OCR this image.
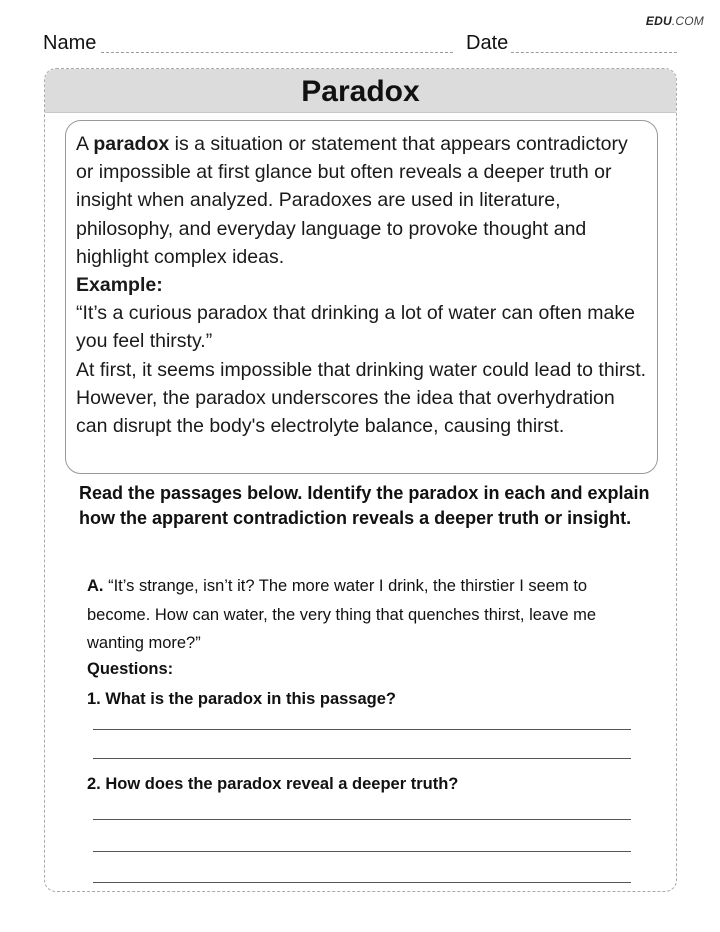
EDU.COM
Name	Date
Paradox

A paradox is a situation or statement that appears contradictory or impossible at first glance but often reveals a deeper truth or insight when analyzed. Paradoxes are used in literature, philosophy, and everyday language to provoke thought and highlight complex ideas.

Example:

“It’s a curious paradox that drinking a lot of water can often make you feel thirsty.”

At first, it seems impossible that drinking water could lead to thirst. However, the paradox underscores the idea that overhydration can disrupt the body's electrolyte balance, causing thirst.

Read the passages below. Identify the paradox in each and explain how the apparent contradiction reveals a deeper truth or insight.

A. “It’s strange, isn’t it? The more water I drink, the thirstier I seem to become. How can water, the very thing that quenches thirst, leave me wanting more?”

Questions:
1. What is the paradox in this passage?
2. How does the paradox reveal a deeper truth?
